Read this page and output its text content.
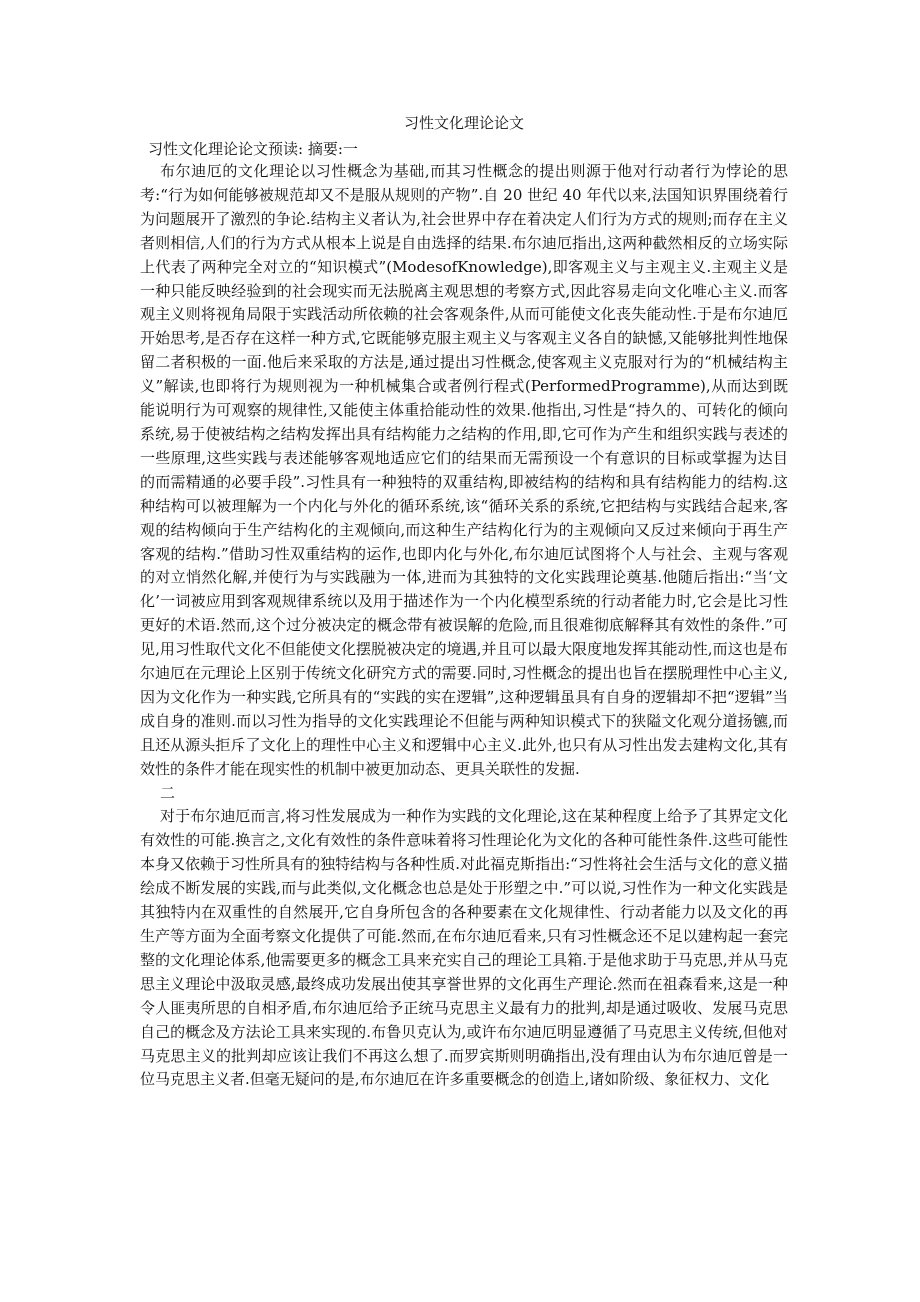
习性文化理论论文
习性文化理论论文预读: 摘要:一

布尔迪厄的文化理论以习性概念为基础,而其习性概念的提出则源于他对行动者行为悖论的思考:“行为如何能够被规范却又不是服从规则的产物”.自 20 世纪 40 年代以来,法国知识界围绕着行为问题展开了激烈的争论.结构主义者认为,社会世界中存在着决定人们行为方式的规则;而存在主义者则相信,人们的行为方式从根本上说是自由选择的结果.布尔迪厄指出,这两种截然相反的立场实际上代表了两种完全对立的“知识模式”(ModesofKnowledge),即客观主义与主观主义.主观主义是一种只能反映经验到的社会现实而无法脱离主观思想的考察方式,因此容易走向文化唯心主义.而客观主义则将视角局限于实践活动所依赖的社会客观条件,从而可能使文化丧失能动性.于是布尔迪厄开始思考,是否存在这样一种方式,它既能够克服主观主义与客观主义各自的缺憾,又能够批判性地保留二者积极的一面.他后来采取的方法是,通过提出习性概念,使客观主义克服对行为的“机械结构主义”解读,也即将行为规则视为一种机械集合或者例行程式(PerformedProgramme),从而达到既能说明行为可观察的规律性,又能使主体重拾能动性的效果.他指出,习性是“持久的、可转化的倾向系统,易于使被结构之结构发挥出具有结构能力之结构的作用,即,它可作为产生和组织实践与表述的一些原理,这些实践与表述能够客观地适应它们的结果而无需预设一个有意识的目标或掌握为达目的而需精通的必要手段”.习性具有一种独特的双重结构,即被结构的结构和具有结构能力的结构.这种结构可以被理解为一个内化与外化的循环系统,该“循环关系的系统,它把结构与实践结合起来,客观的结构倾向于生产结构化的主观倾向,而这种生产结构化行为的主观倾向又反过来倾向于再生产客观的结构.”借助习性双重结构的运作,也即内化与外化,布尔迪厄试图将个人与社会、主观与客观的对立悄然化解,并使行为与实践融为一体,进而为其独特的文化实践理论奠基.他随后指出:“当‘文化’一词被应用到客观规律系统以及用于描述作为一个内化模型系统的行动者能力时,它会是比习性更好的术语.然而,这个过分被决定的概念带有被误解的危险,而且很难彻底解释其有效性的条件.”可见,用习性取代文化不但能使文化摆脱被决定的境遇,并且可以最大限度地发挥其能动性,而这也是布尔迪厄在元理论上区别于传统文化研究方式的需要.同时,习性概念的提出也旨在摆脱理性中心主义,因为文化作为一种实践,它所具有的“实践的实在逻辑”,这种逻辑虽具有自身的逻辑却不把“逻辑”当成自身的准则.而以习性为指导的文化实践理论不但能与两种知识模式下的狭隘文化观分道扬镳,而且还从源头拒斥了文化上的理性中心主义和逻辑中心主义.此外,也只有从习性出发去建构文化,其有效性的条件才能在现实性的机制中被更加动态、更具关联性的发掘.

二

对于布尔迪厄而言,将习性发展成为一种作为实践的文化理论,这在某种程度上给予了其界定文化有效性的可能.换言之,文化有效性的条件意味着将习性理论化为文化的各种可能性条件.这些可能性本身又依赖于习性所具有的独特结构与各种性质.对此福克斯指出:“习性将社会生活与文化的意义描绘成不断发展的实践,而与此类似,文化概念也总是处于形塑之中.”可以说,习性作为一种文化实践是其独特内在双重性的自然展开,它自身所包含的各种要素在文化规律性、行动者能力以及文化的再生产等方面为全面考察文化提供了可能.然而,在布尔迪厄看来,只有习性概念还不足以建构起一套完整的文化理论体系,他需要更多的概念工具来充实自己的理论工具箱.于是他求助于马克思,并从马克思主义理论中汲取灵感,最终成功发展出使其享誉世界的文化再生产理论.然而在祖森看来,这是一种令人匪夷所思的自相矛盾,布尔迪厄给予正统马克思主义最有力的批判,却是通过吸收、发展马克思自己的概念及方法论工具来实现的.布鲁贝克认为,或许布尔迪厄明显遵循了马克思主义传统,但他对马克思主义的批判却应该让我们不再这么想了.而罗宾斯则明确指出,没有理由认为布尔迪厄曾是一位马克思主义者.但毫无疑问的是,布尔迪厄在许多重要概念的创造上,诸如阶级、象征权力、文化
